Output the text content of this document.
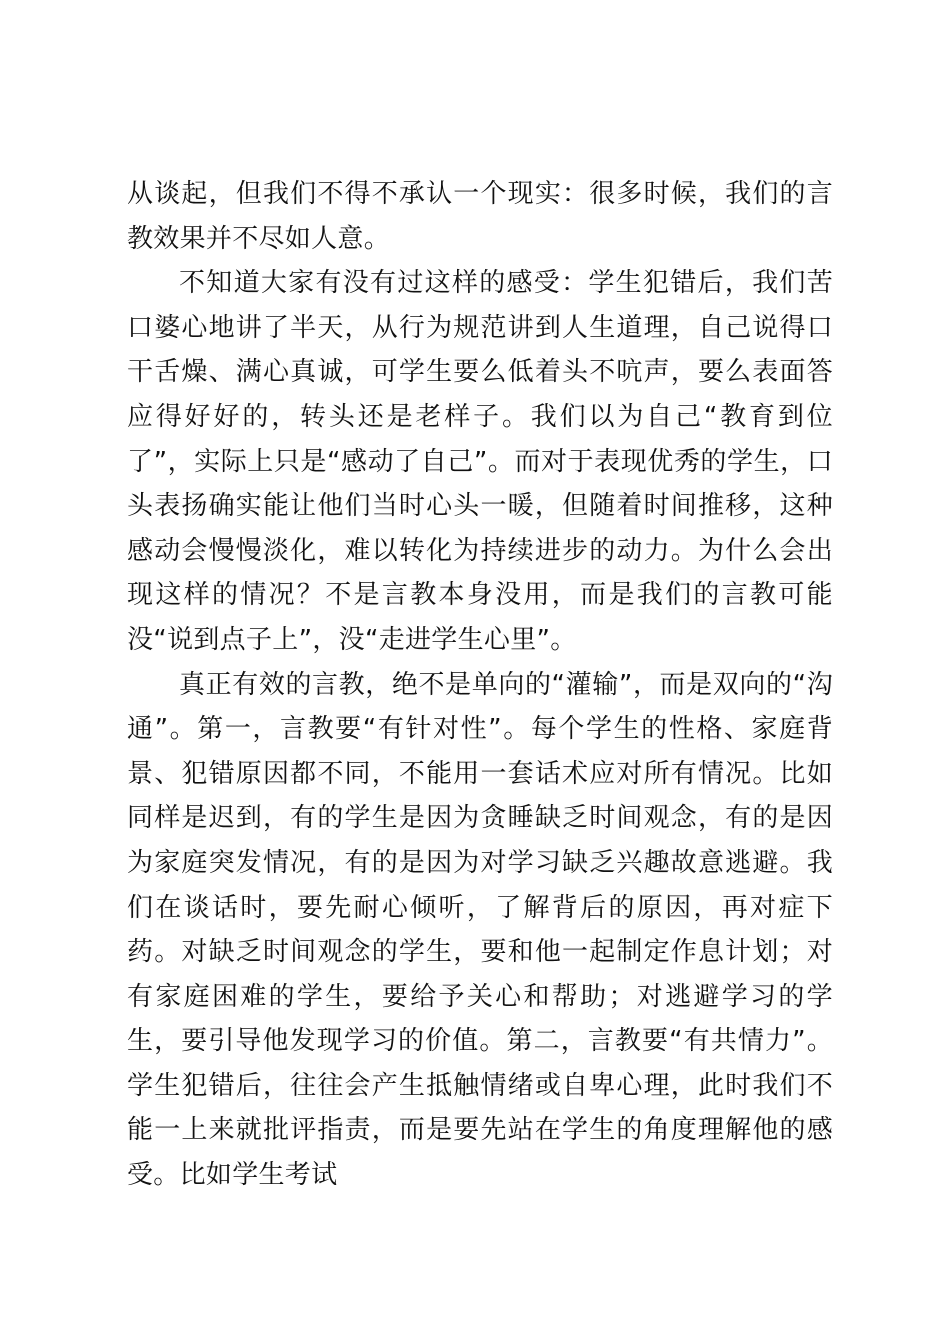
从谈起，但我们不得不承认一个现实：很多时候，我们的言教效果并不尽如人意。

不知道大家有没有过这样的感受：学生犯错后，我们苦口婆心地讲了半天，从行为规范讲到人生道理，自己说得口干舌燥、满心真诚，可学生要么低着头不吭声，要么表面答应得好好的，转头还是老样子。我们以为自己“教育到位了”，实际上只是“感动了自己”。而对于表现优秀的学生，口头表扬确实能让他们当时心头一暖，但随着时间推移，这种感动会慢慢淡化，难以转化为持续进步的动力。为什么会出现这样的情况？不是言教本身没用，而是我们的言教可能没“说到点子上”，没“走进学生心里”。

真正有效的言教，绝不是单向的“灌输”，而是双向的“沟通”。第一，言教要“有针对性”。每个学生的性格、家庭背景、犯错原因都不同，不能用一套话术应对所有情况。比如同样是迟到，有的学生是因为贪睡缺乏时间观念，有的是因为家庭突发情况，有的是因为对学习缺乏兴趣故意逃避。我们在谈话时，要先耐心倾听，了解背后的原因，再对症下药。对缺乏时间观念的学生，要和他一起制定作息计划；对有家庭困难的学生，要给予关心和帮助；对逃避学习的学生，要引导他发现学习的价值。第二，言教要“有共情力”。学生犯错后，往往会产生抵触情绪或自卑心理，此时我们不能一上来就批评指责，而是要先站在学生的角度理解他的感受。比如学生考试
